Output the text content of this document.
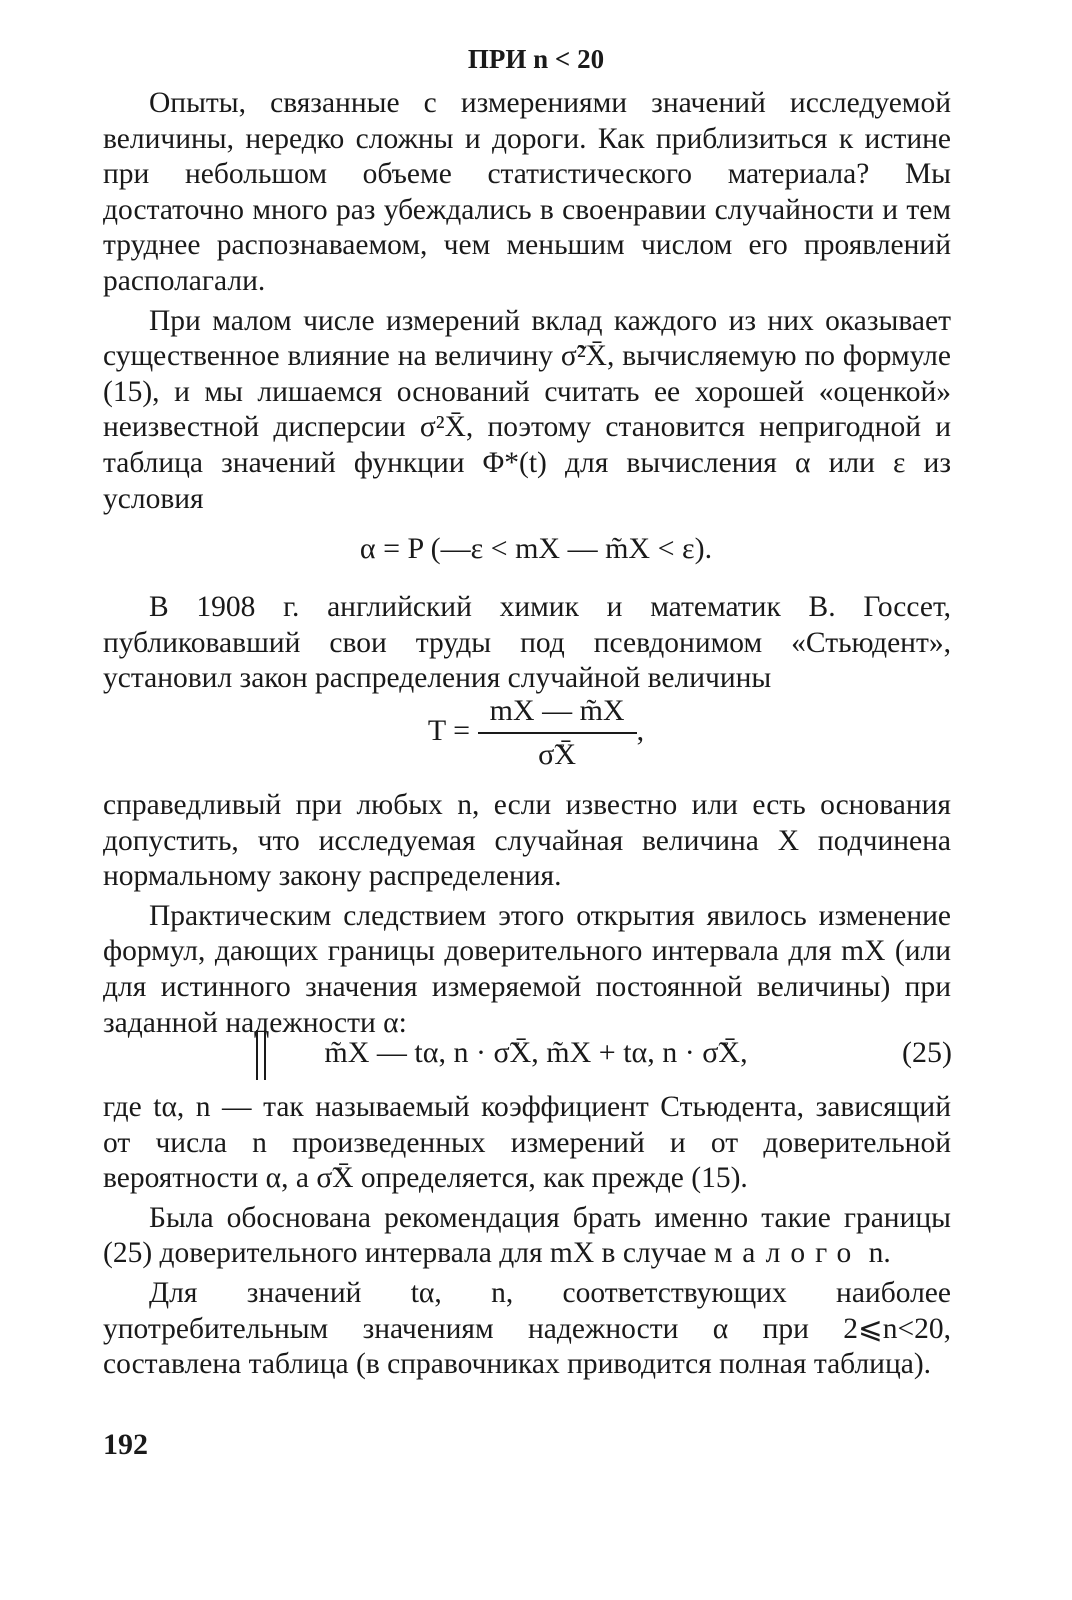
ПРИ n < 20

Опыты, связанные с измерениями значений исследуемой величины, нередко сложны и дороги. Как приблизиться к истине при небольшом объеме статистического материала? Мы достаточно много раз убеждались в своенравии случайности и тем труднее распознаваемом, чем меньшим числом его проявлений располагали.

При малом числе измерений вклад каждого из них оказывает существенное влияние на величину σ̃²X̄, вычисляемую по формуле (15), и мы лишаемся оснований считать ее хорошей «оценкой» неизвестной дисперсии σ²X̄, поэтому становится непригодной и таблица значений функции Φ*(t) для вычисления α или ε из условия

α = P (—ε < mX — m̃X < ε).

В 1908 г. английский химик и математик В. Госсет, публиковавший свои труды под псевдонимом «Стьюдент», установил закон распределения случайной величины

$T = \frac{mX — m̃X}{\sigmãX̄}$ ,

справедливый при любых n, если известно или есть основания допустить, что исследуемая случайная величина X подчинена нормальному закону распределения.

Практическим следствием этого открытия явилось изменение формул, дающих границы доверительного интервала для mX (или для истинного значения измеряемой постоянной величины) при заданной надежности α:

m̃X — tα, n · σ̃X̄, m̃X + tα, n · σ̃X̄,	(25)

где tα, n — так называемый коэффициент Стьюдента, зависящий от числа n произведенных измерений и от доверительной вероятности α, а σ̃X̄ определяется, как прежде (15).

Была обоснована рекомендация брать именно такие границы (25) доверительного интервала для mX в случае малого n.

Для значений tα, n, соответствующих наиболее употребительным значениям надежности α при 2⩽n<20, составлена таблица (в справочниках приводится полная таблица).

192
